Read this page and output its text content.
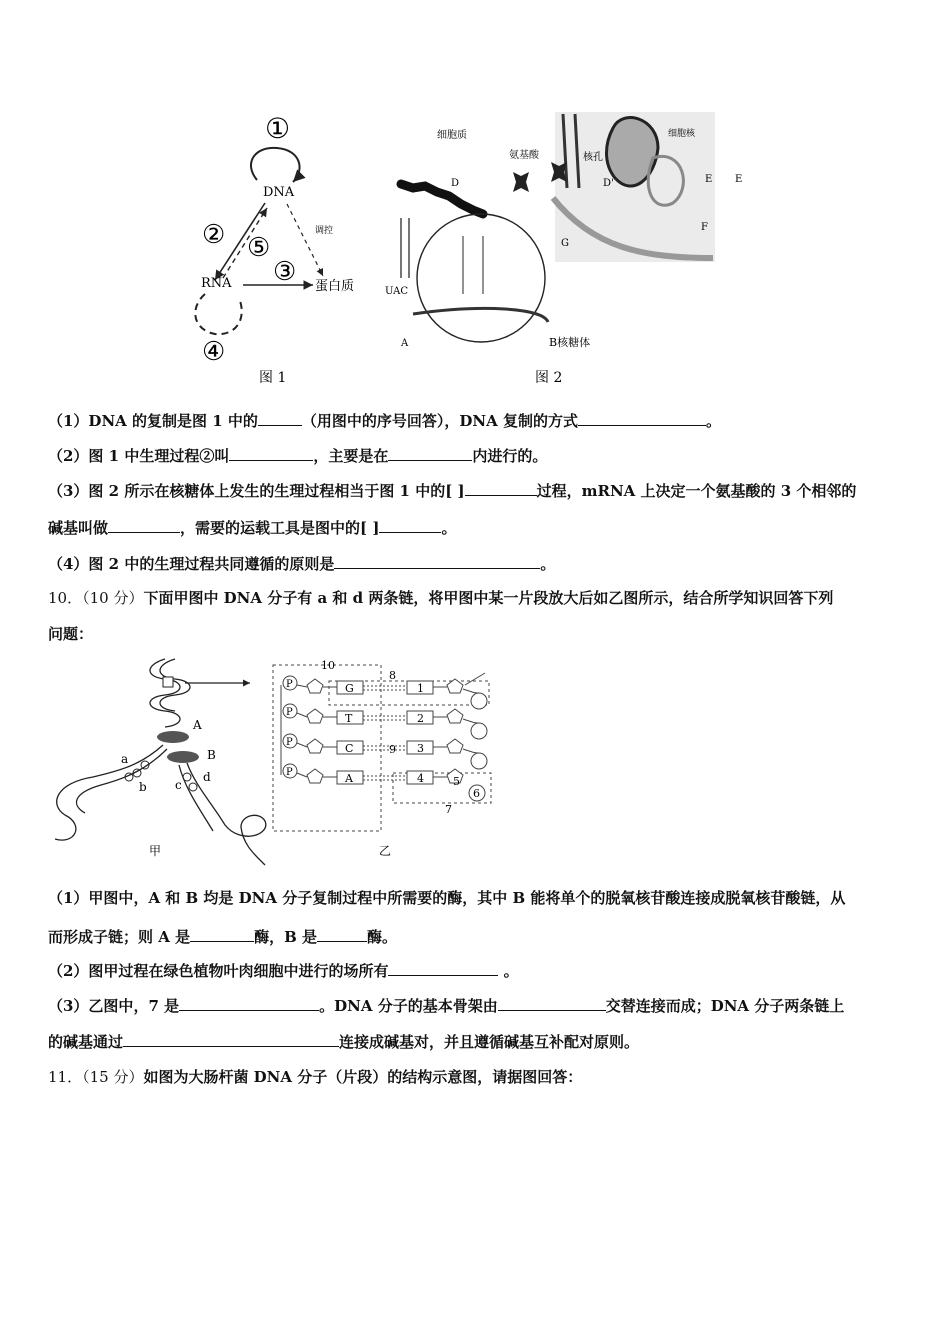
①
DNA
调控
② ⑤
③
RNA	蛋白质
④
图 1
细胞核
细胞质
氨基酸	核孔
D	D'	E
E
F
UAC
G
A	B核糖体
图 2
（1）DNA 的复制是图 1 中的	（用图中的序号回答），DNA 复制的方式	。
（2）图 1 中生理过程②叫	，主要是在	内进行的。
（3）图 2 所示在核糖体上发生的生理过程相当于图 1 中的[ ]	过程，mRNA 上决定一个氨基酸的 3 个相邻的
碱基叫做	，需要的运载工具是图中的[ ]	。
（4）图 2 中的生理过程共同遵循的原则是	。
10．（10 分）下面甲图中 DNA 分子有 a 和 d 两条链，将甲图中某一片段放大后如乙图所示，结合所学知识回答下列
问题：
A
B
a
b c
d
甲
10
7
P
P
P
P
G
T
C
A
8
9
1
2
3
4	5
6
乙
（1）甲图中，A 和 B 均是 DNA 分子复制过程中所需要的酶，其中 B 能将单个的脱氧核苷酸连接成脱氧核苷酸链，从
而形成子链；则 A 是	酶，B 是	酶。
（2）图甲过程在绿色植物叶肉细胞中进行的场所有	。
（3）乙图中，7 是	。DNA 分子的基本骨架由	交替连接而成；DNA 分子两条链上
的碱基通过	连接成碱基对，并且遵循碱基互补配对原则。
11．（15 分）如图为大肠杆菌 DNA 分子（片段）的结构示意图，请据图回答：
